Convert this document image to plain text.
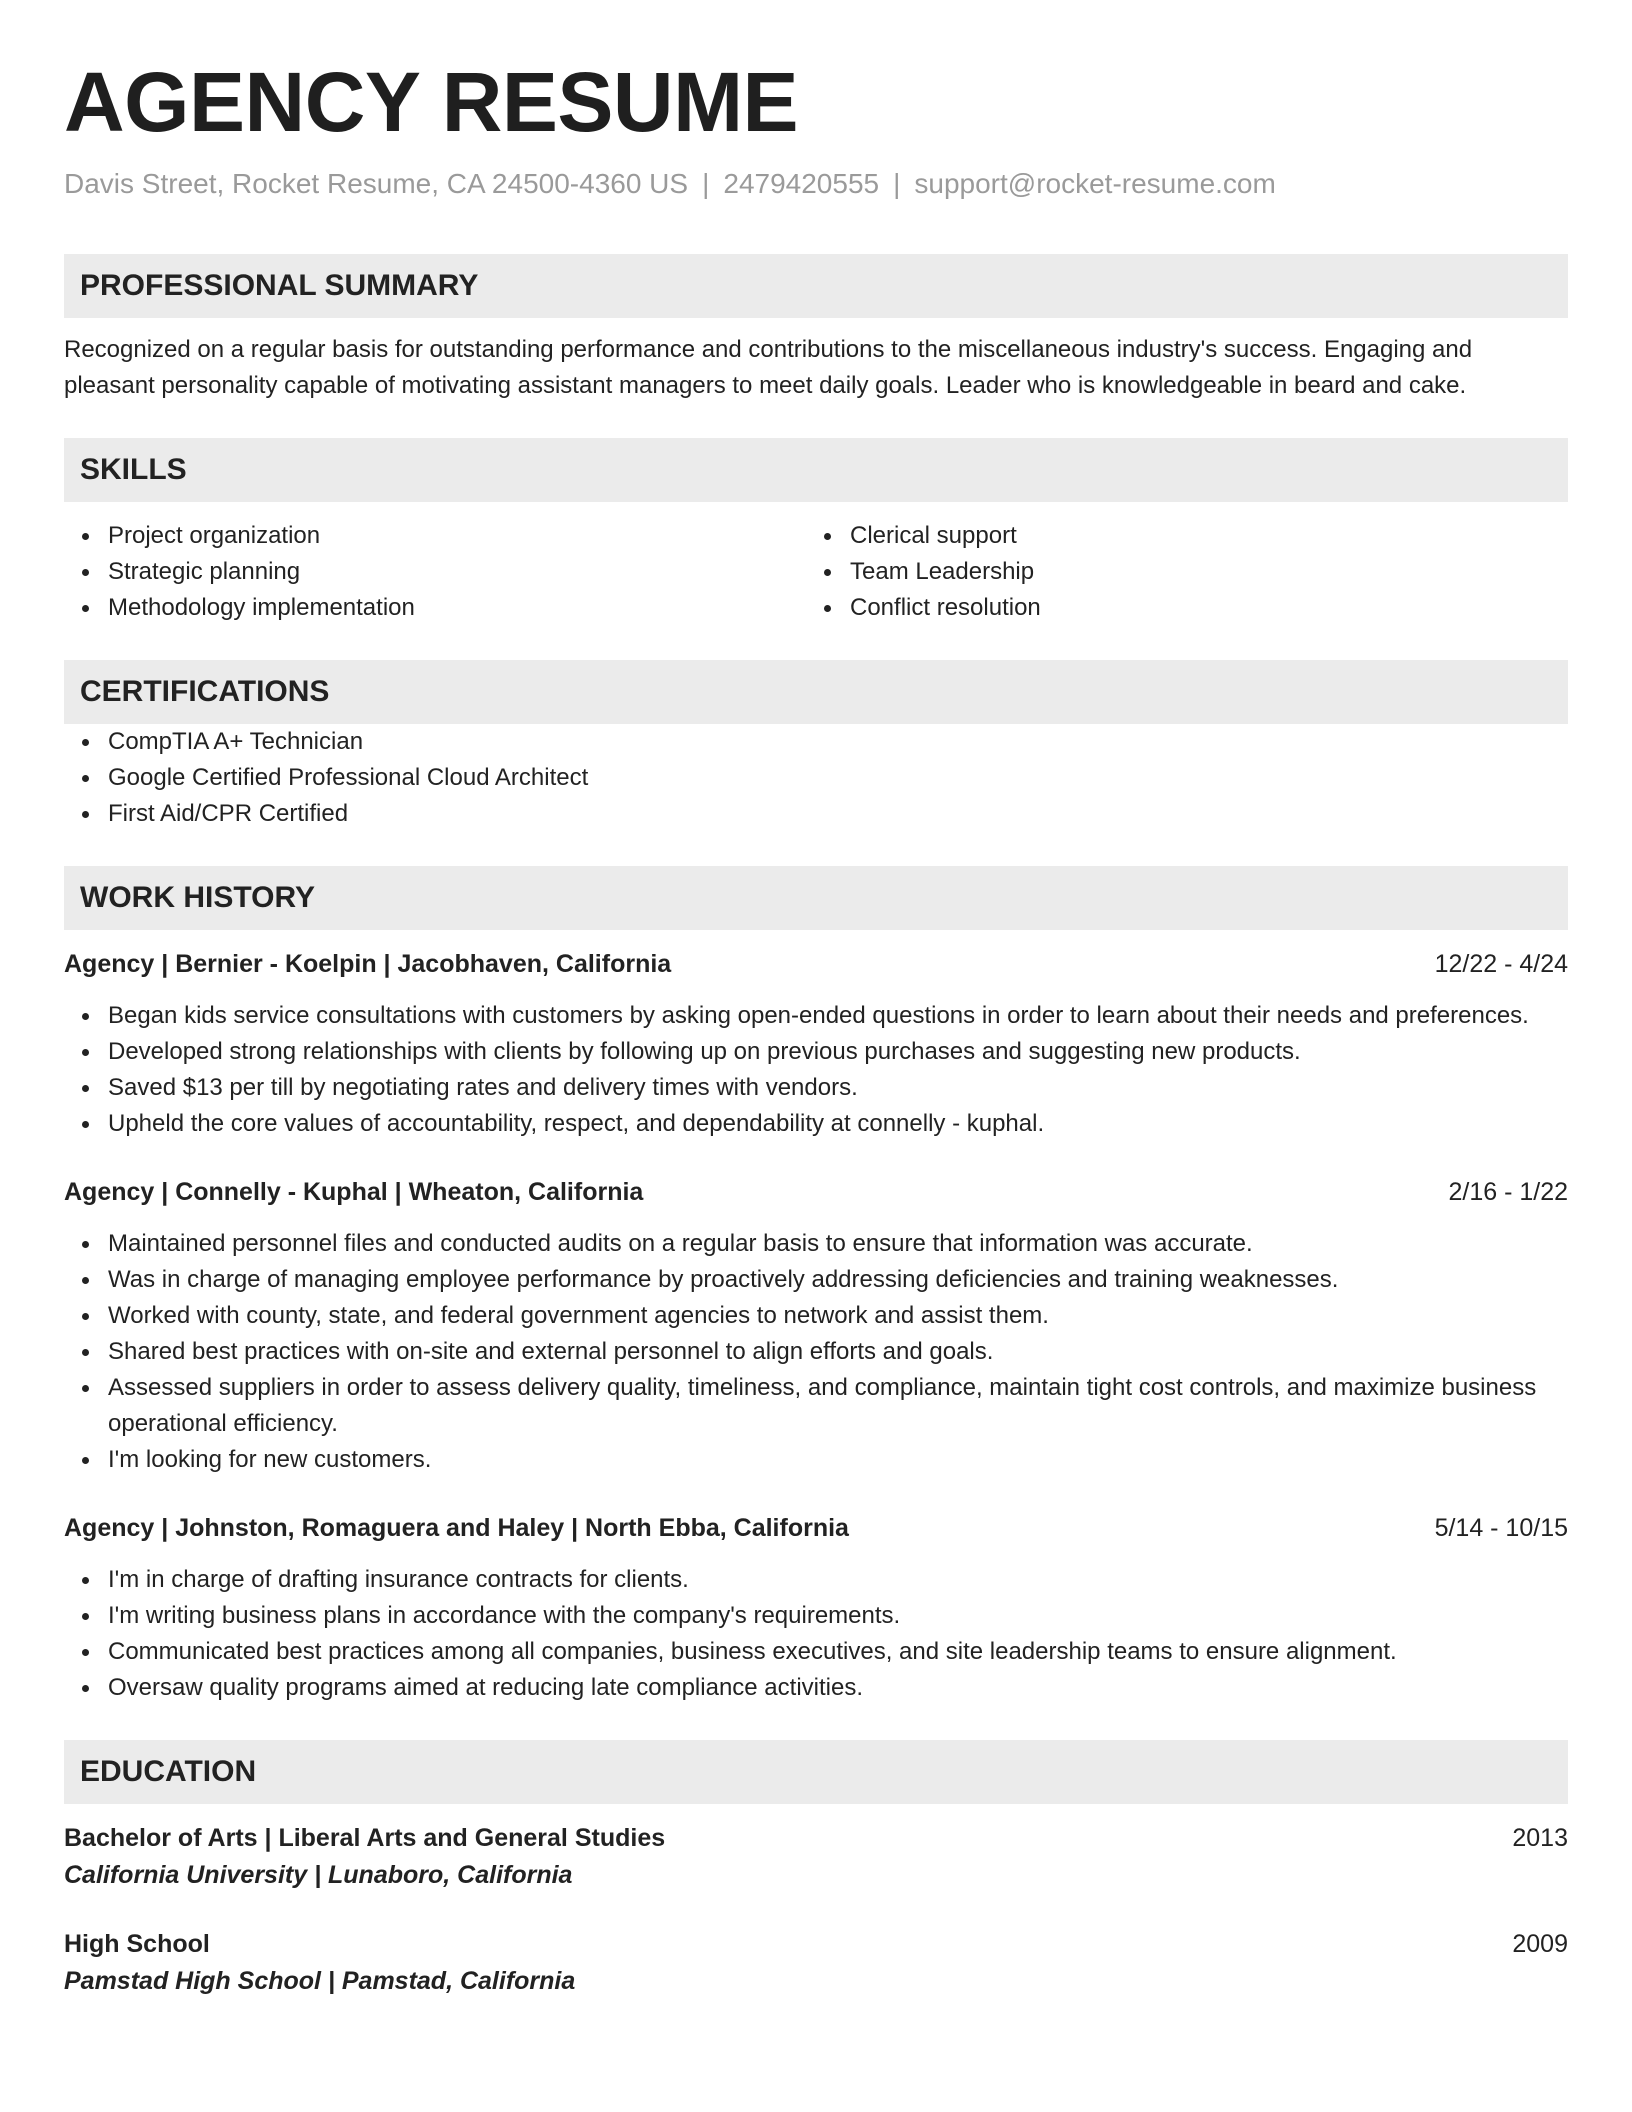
AGENCY RESUME
Davis Street, Rocket Resume, CA 24500-4360 US | 2479420555 | support@rocket-resume.com
PROFESSIONAL SUMMARY
Recognized on a regular basis for outstanding performance and contributions to the miscellaneous industry's success. Engaging and pleasant personality capable of motivating assistant managers to meet daily goals. Leader who is knowledgeable in beard and cake.
SKILLS
Project organization
Strategic planning
Methodology implementation
Clerical support
Team Leadership
Conflict resolution
CERTIFICATIONS
CompTIA A+ Technician
Google Certified Professional Cloud Architect
First Aid/CPR Certified
WORK HISTORY
Agency | Bernier - Koelpin | Jacobhaven, California	12/22 - 4/24
Began kids service consultations with customers by asking open-ended questions in order to learn about their needs and preferences.
Developed strong relationships with clients by following up on previous purchases and suggesting new products.
Saved $13 per till by negotiating rates and delivery times with vendors.
Upheld the core values of accountability, respect, and dependability at connelly - kuphal.
Agency | Connelly - Kuphal | Wheaton, California	2/16 - 1/22
Maintained personnel files and conducted audits on a regular basis to ensure that information was accurate.
Was in charge of managing employee performance by proactively addressing deficiencies and training weaknesses.
Worked with county, state, and federal government agencies to network and assist them.
Shared best practices with on-site and external personnel to align efforts and goals.
Assessed suppliers in order to assess delivery quality, timeliness, and compliance, maintain tight cost controls, and maximize business operational efficiency.
I'm looking for new customers.
Agency | Johnston, Romaguera and Haley | North Ebba, California	5/14 - 10/15
I'm in charge of drafting insurance contracts for clients.
I'm writing business plans in accordance with the company's requirements.
Communicated best practices among all companies, business executives, and site leadership teams to ensure alignment.
Oversaw quality programs aimed at reducing late compliance activities.
EDUCATION
Bachelor of Arts | Liberal Arts and General Studies	2013
California University | Lunaboro, California
High School	2009
Pamstad High School | Pamstad, California
